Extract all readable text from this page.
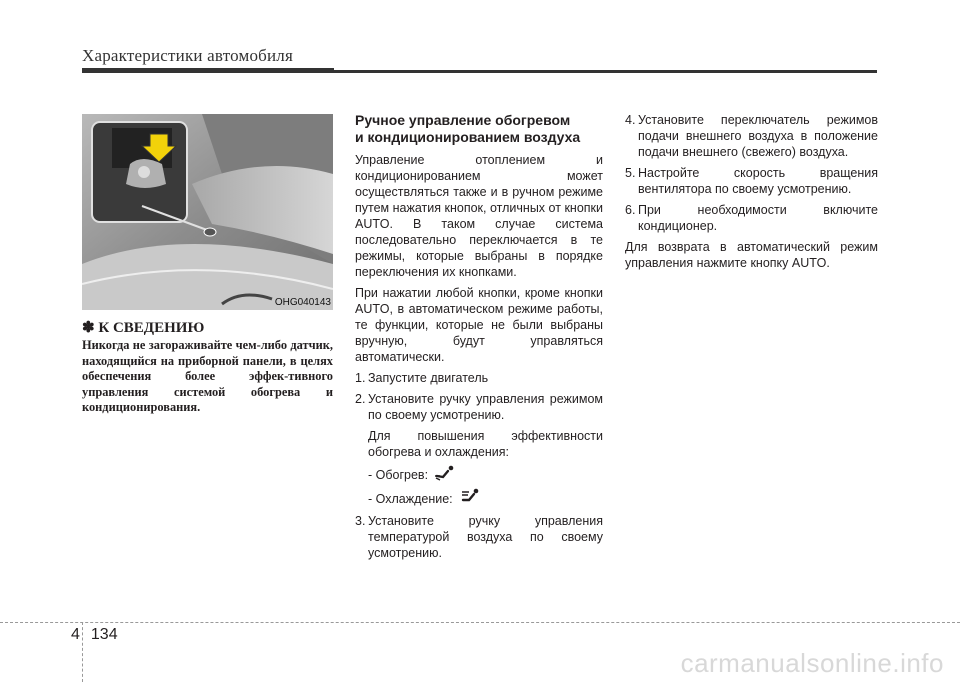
Характеристики автомобиля
OHG040143
✽ К СВЕДЕНИЮ
Никогда не загораживайте чем-либо датчик, находящийся на приборной панели, в целях обеспечения более эффек-тивного управления системой обогрева и кондиционирования.
Ручное управление обогревом
и кондиционированием воздуха

Управление отоплением и кондиционированием может осуществляться также и в ручном режиме путем нажатия кнопок, отличных от кнопки AUTO. В таком случае система последовательно переключается в те режимы, которые выбраны в порядке переключения их кнопками.

При нажатии любой кнопки, кроме кнопки AUTO, в автоматическом режиме работы, те функции, которые не были выбраны вручную, будут управляться автоматически.

1. Запустите двигатель
2. Установите ручку управления режимом по своему усмотрению.
Для повышения эффективности обогрева и охлаждения:
- Обогрев:
- Охлаждение:
3. Установите ручку управления температурой воздуха по своему усмотрению.
4. Установите переключатель режимов подачи внешнего воздуха в положение подачи внешнего (свежего) воздуха.
5. Настройте скорость вращения вентилятора по своему усмотрению.
6. При необходимости включите кондиционер.

Для возврата в автоматический режим управления нажмите кнопку AUTO.

4 134
carmanualsonline.info
